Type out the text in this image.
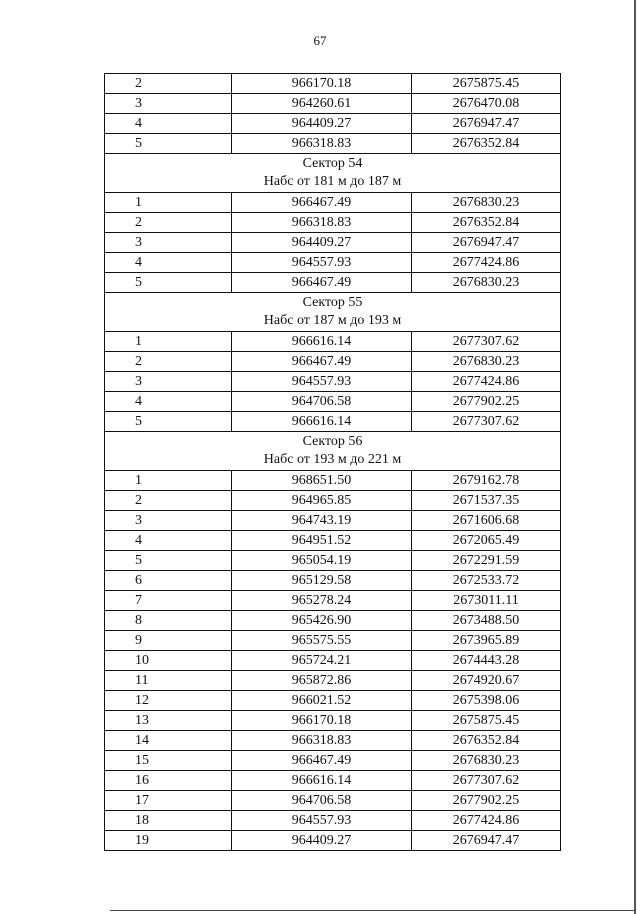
67
2	966170.18	2675875.45
3	964260.61	2676470.08
4	964409.27	2676947.47
5	966318.83	2676352.84

Сектор 54
Набс от 181 м до 187 м		

1	966467.49	2676830.23
2	966318.83	2676352.84
3	964409.27	2676947.47
4	964557.93	2677424.86
5	966467.49	2676830.23

Сектор 55
Набс от 187 м до 193 м		

1	966616.14	2677307.62
2	966467.49	2676830.23
3	964557.93	2677424.86
4	964706.58	2677902.25
5	966616.14	2677307.62

Сектор 56
Набс от 193 м до 221 м		

1	968651.50	2679162.78
2	964965.85	2671537.35
3	964743.19	2671606.68
4	964951.52	2672065.49
5	965054.19	2672291.59
6	965129.58	2672533.72
7	965278.24	2673011.11
8	965426.90	2673488.50
9	965575.55	2673965.89
10	965724.21	2674443.28
11	965872.86	2674920.67
12	966021.52	2675398.06
13	966170.18	2675875.45
14	966318.83	2676352.84
15	966467.49	2676830.23
16	966616.14	2677307.62
17	964706.58	2677902.25
18	964557.93	2677424.86
19	964409.27	2676947.47
